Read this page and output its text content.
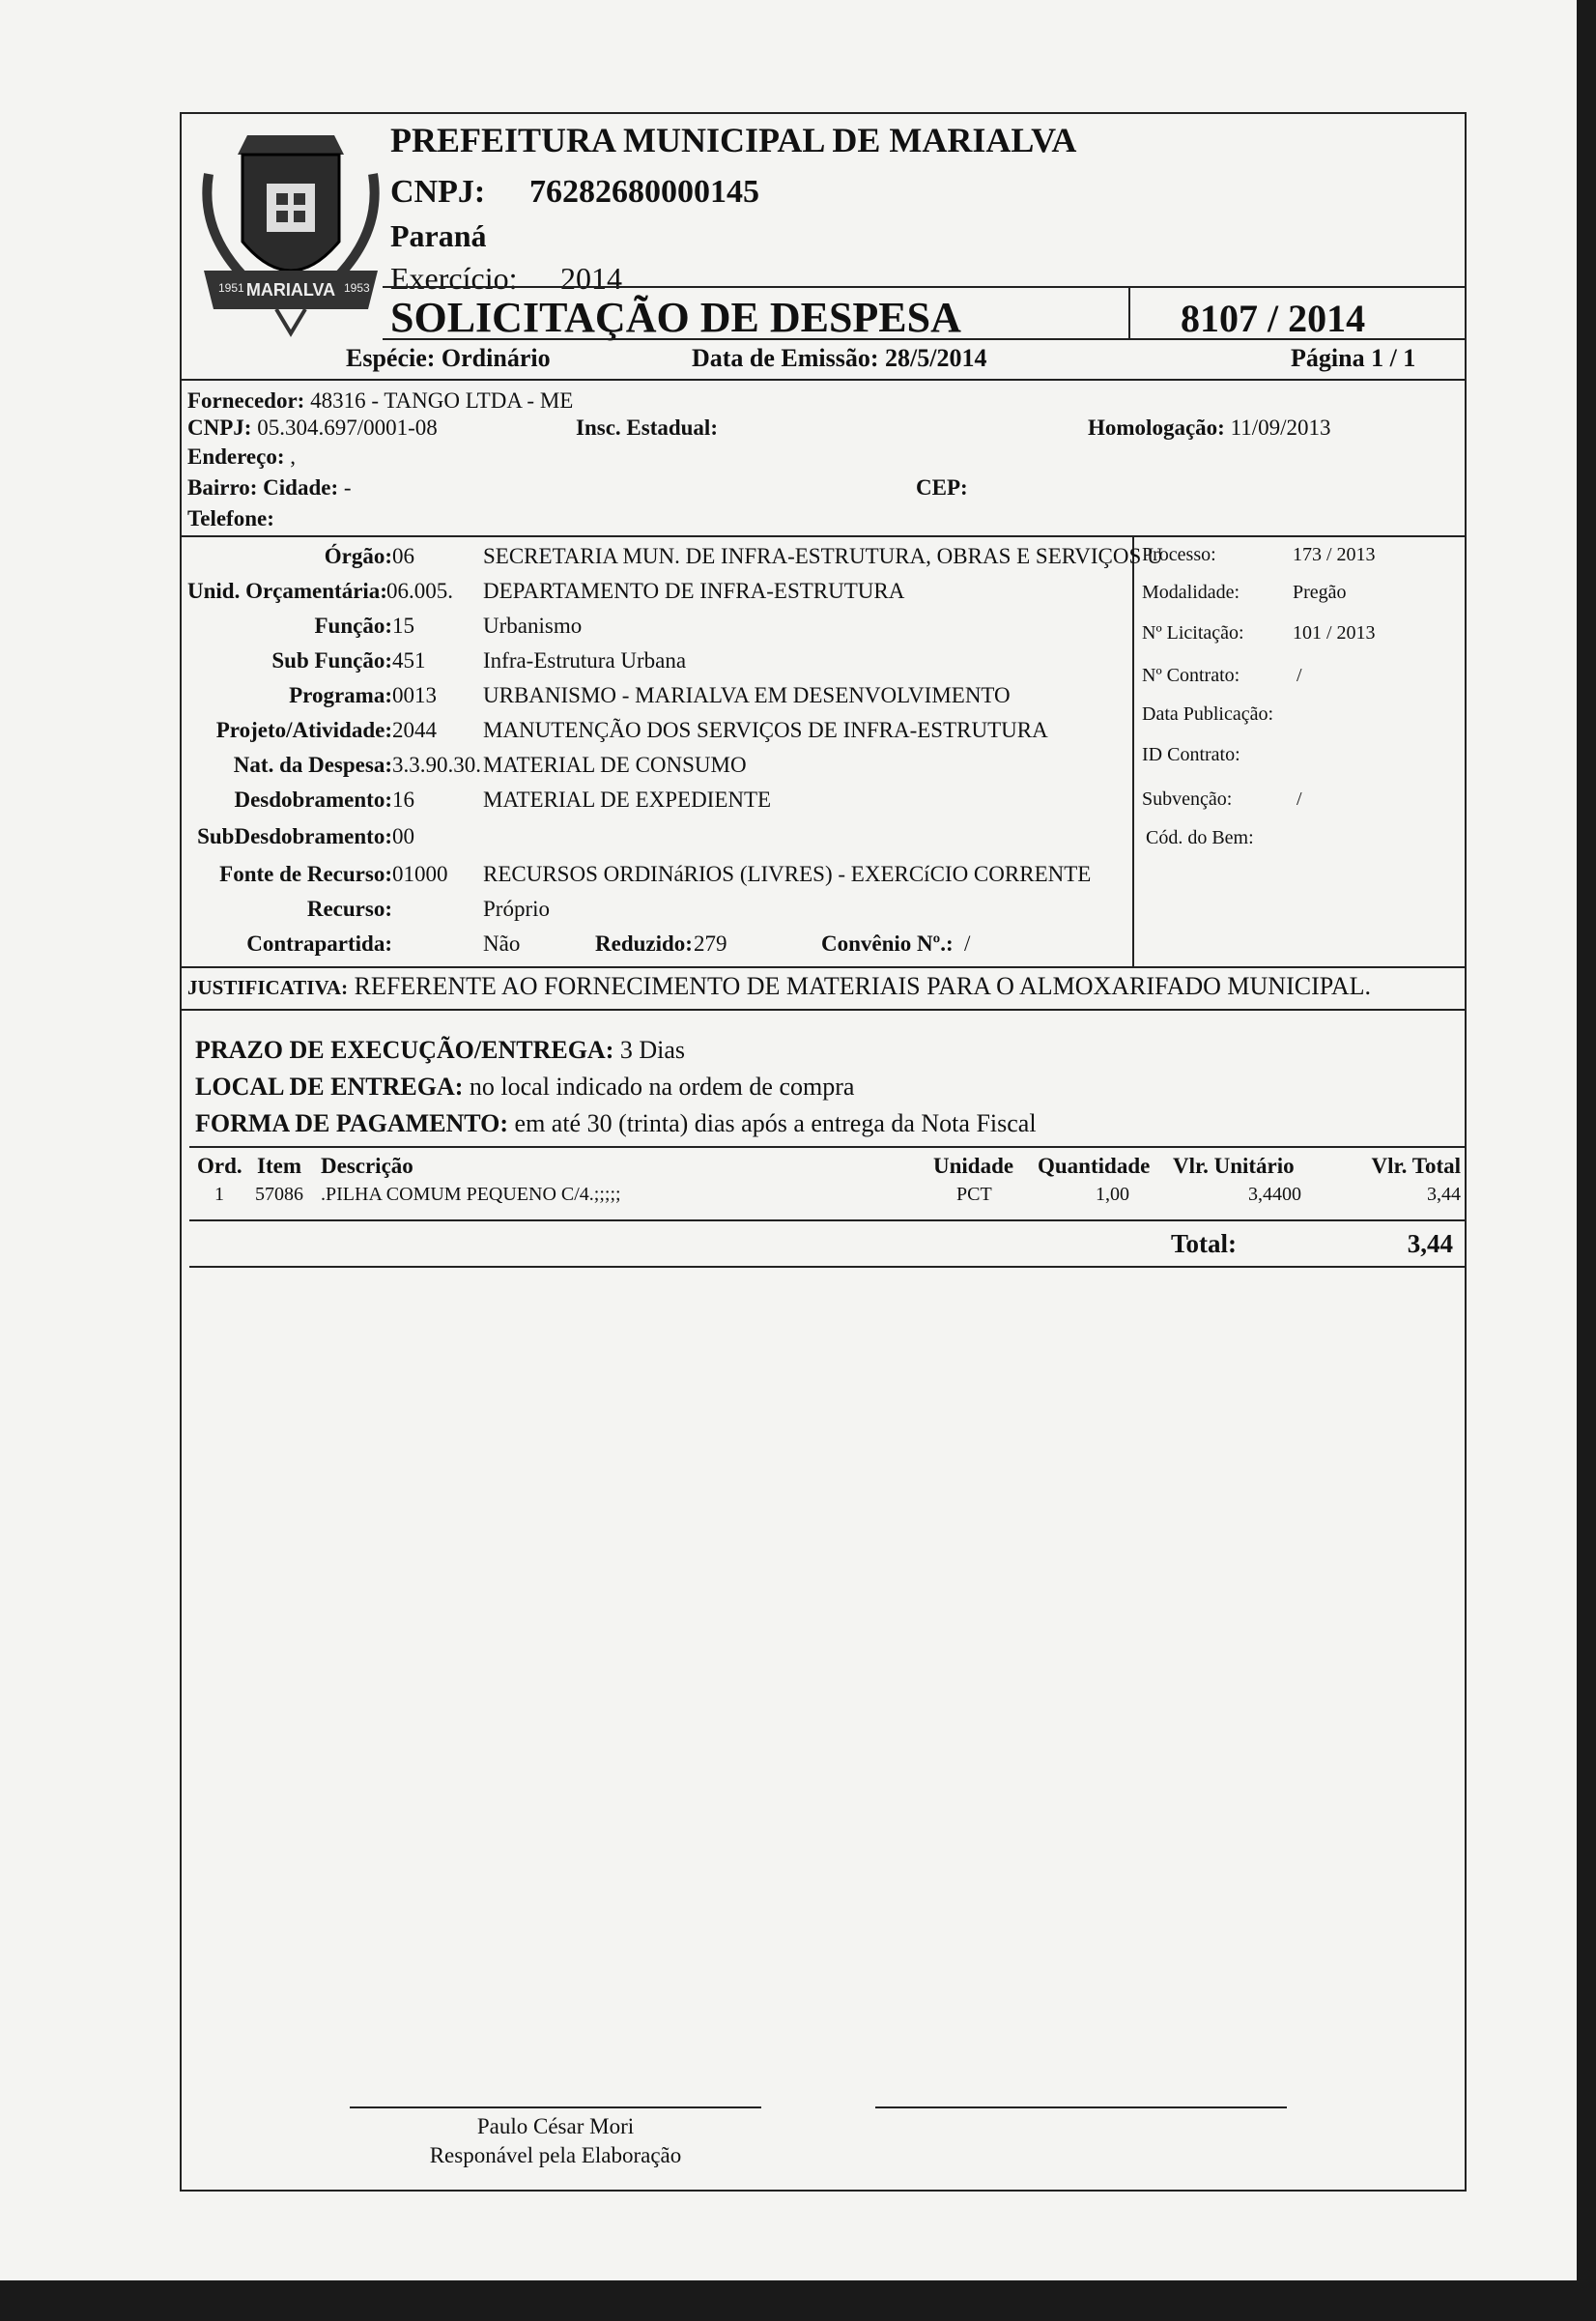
MARIALVA
1951	1953
PREFEITURA MUNICIPAL DE MARIALVA
CNPJ: 76282680000145
Paraná
Exercício: 2014
SOLICITAÇÃO DE DESPESA	8107 / 2014
Espécie: Ordinário	Data de Emissão: 28/5/2014	Página 1 / 1
Fornecedor: 48316 - TANGO LTDA - ME
CNPJ: 05.304.697/0001-08	Insc. Estadual:	Homologação: 11/09/2013
Endereço: ,
Bairro: Cidade: -	CEP:
Telefone:
Órgão: 06	SECRETARIA MUN. DE INFRA-ESTRUTURA, OBRAS E SERVIÇOS U
Unid. Orçamentária: 06.005. DEPARTAMENTO DE INFRA-ESTRUTURA
Função: 15	Urbanismo
Sub Função: 451	Infra-Estrutura Urbana
Programa: 0013 URBANISMO - MARIALVA EM DESENVOLVIMENTO
Projeto/Atividade: 2044 MANUTENÇÃO DOS SERVIÇOS DE INFRA-ESTRUTURA
Nat. da Despesa: 3.3.90.30. MATERIAL DE CONSUMO
Desdobramento: 16	MATERIAL DE EXPEDIENTE
SubDesdobramento: 00
Fonte de Recurso: 01000 RECURSOS ORDINáRIOS (LIVRES) - EXERCíCIO CORRENTE
Recurso:	Próprio
Contrapartida:	Não	Reduzido: 279	Convênio Nº.: /
Processo:	173 / 2013
Modalidade:	Pregão
Nº Licitação:	101 / 2013
Nº Contrato:	/
Data Publicação:
ID Contrato:
Subvenção:	/
Cód. do Bem:
JUSTIFICATIVA: REFERENTE AO FORNECIMENTO DE MATERIAIS PARA O ALMOXARIFADO MUNICIPAL.
PRAZO DE EXECUÇÃO/ENTREGA: 3 Dias
LOCAL DE ENTREGA: no local indicado na ordem de compra
FORMA DE PAGAMENTO: em até 30 (trinta) dias após a entrega da Nota Fiscal
Ord. Item Descrição	Unidade Quantidade Vlr. Unitário	Vlr. Total
1 57086 .PILHA COMUM PEQUENO C/4.;;;;;	PCT	1,00	3,4400	3,44
Total:	3,44
Paulo César Mori
Responável pela Elaboração
